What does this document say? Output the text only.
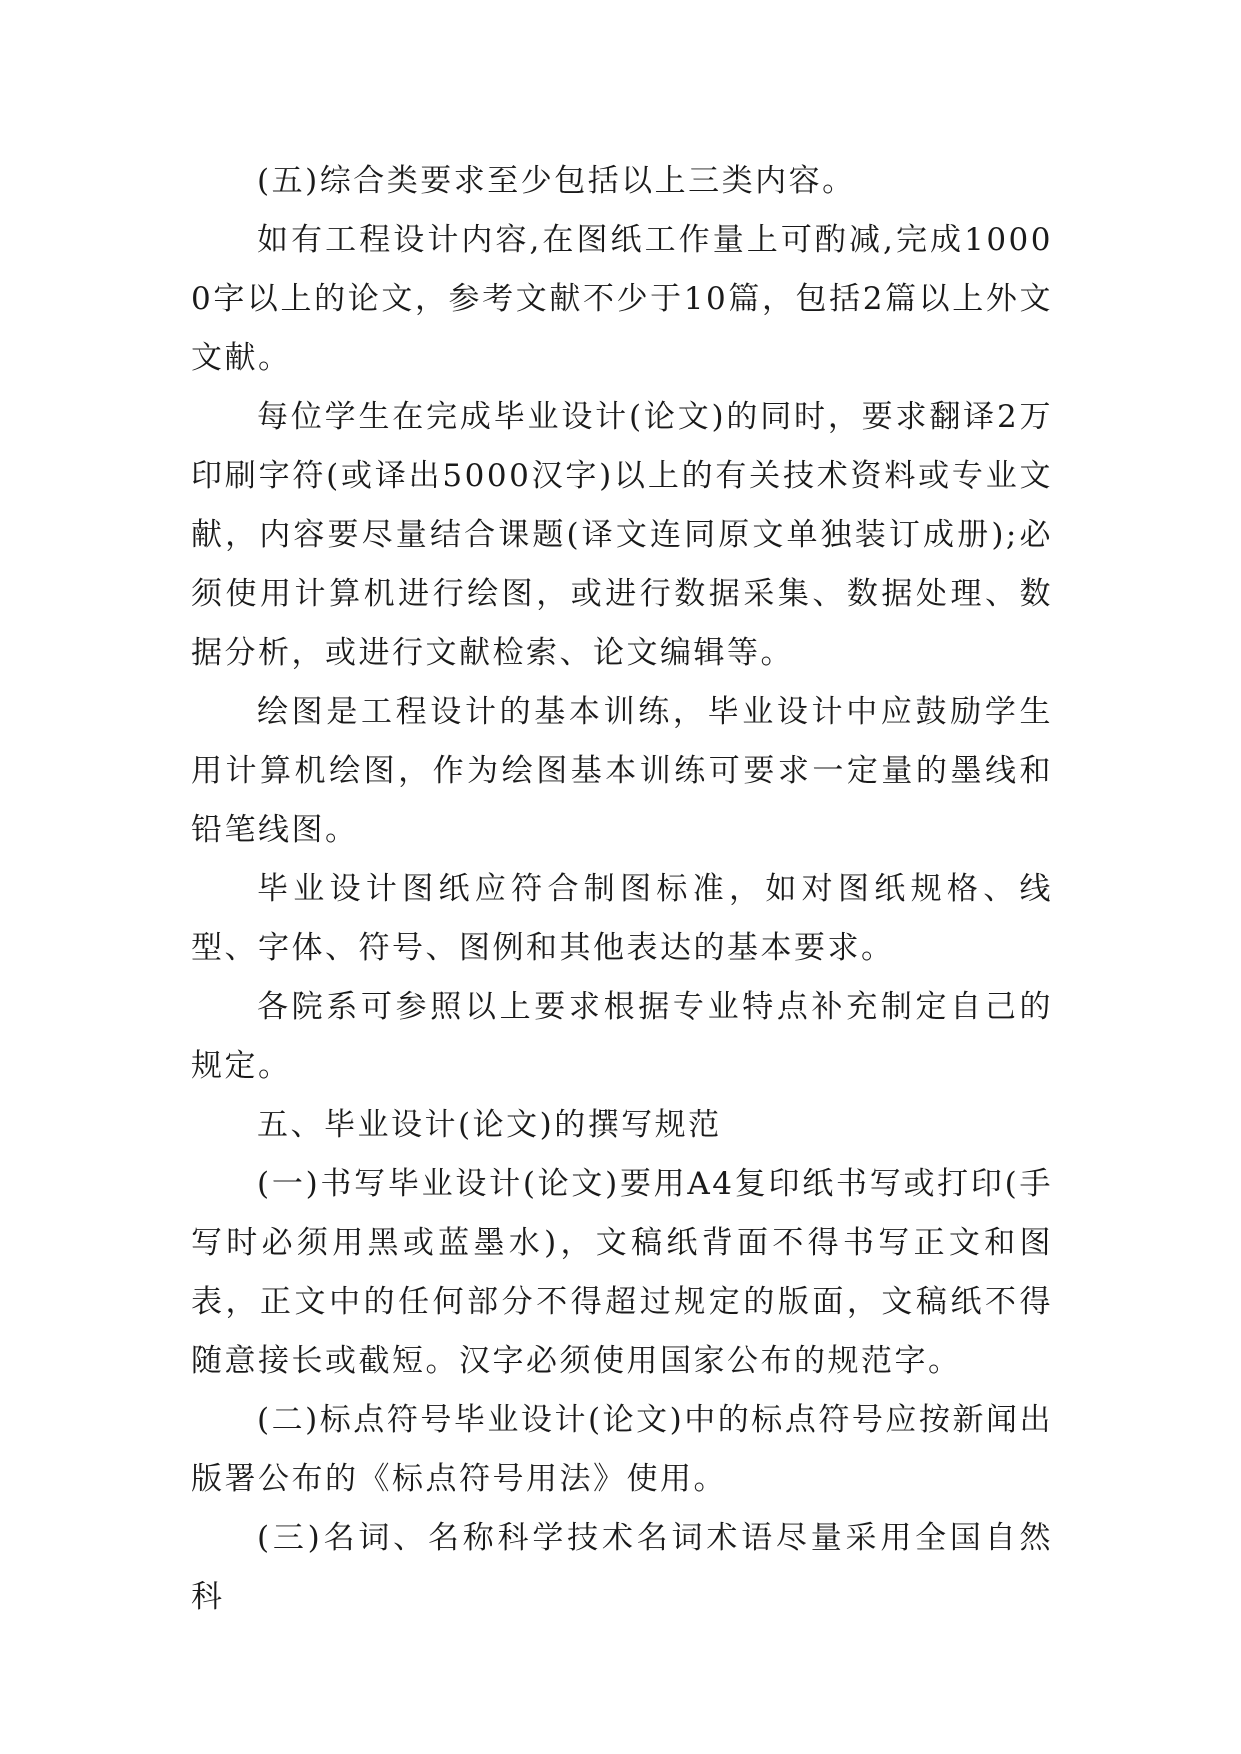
(五)综合类要求至少包括以上三类内容。

如有工程设计内容,在图纸工作量上可酌减,完成10000字以上的论文，参考文献不少于10篇，包括2篇以上外文文献。

每位学生在完成毕业设计(论文)的同时，要求翻译2万印刷字符(或译出5000汉字)以上的有关技术资料或专业文献，内容要尽量结合课题(译文连同原文单独装订成册);必须使用计算机进行绘图，或进行数据采集、数据处理、数据分析，或进行文献检索、论文编辑等。

绘图是工程设计的基本训练，毕业设计中应鼓励学生用计算机绘图，作为绘图基本训练可要求一定量的墨线和铅笔线图。

毕业设计图纸应符合制图标准，如对图纸规格、线型、字体、符号、图例和其他表达的基本要求。

各院系可参照以上要求根据专业特点补充制定自己的规定。

五、毕业设计(论文)的撰写规范

(一)书写毕业设计(论文)要用A4复印纸书写或打印(手写时必须用黑或蓝墨水)，文稿纸背面不得书写正文和图表，正文中的任何部分不得超过规定的版面，文稿纸不得随意接长或截短。汉字必须使用国家公布的规范字。

(二)标点符号毕业设计(论文)中的标点符号应按新闻出版署公布的《标点符号用法》使用。

(三)名词、名称科学技术名词术语尽量采用全国自然科
